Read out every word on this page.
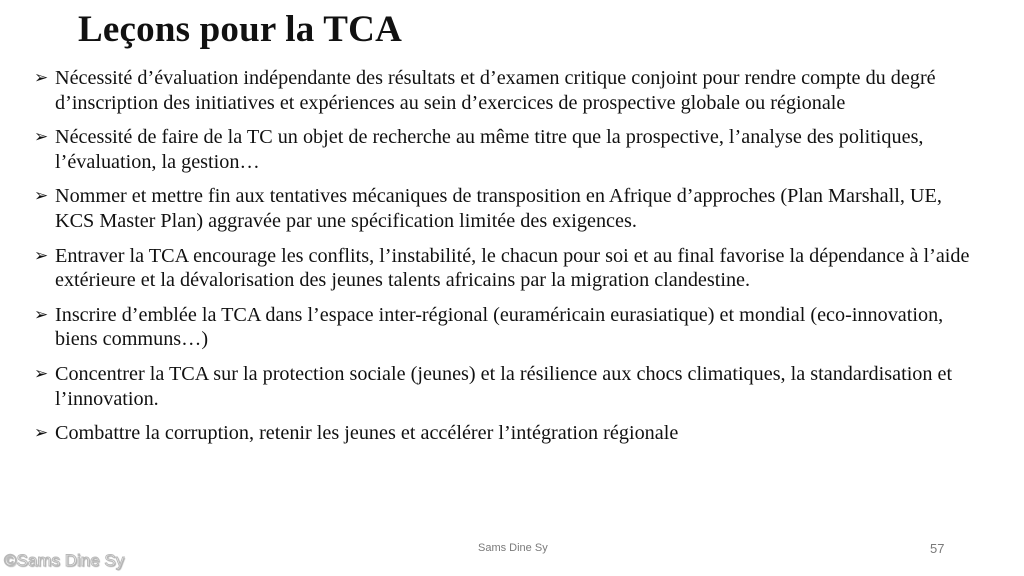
Leçons pour la TCA
➢ Nécessité d’évaluation indépendante des résultats et d’examen critique conjoint pour rendre compte du degré d’inscription des initiatives et expériences au sein d’exercices de prospective globale ou régionale
➢ Nécessité de faire de la TC un objet de recherche au même titre que la prospective, l’analyse des politiques, l’évaluation, la gestion…
➢ Nommer et mettre fin aux tentatives mécaniques de transposition en Afrique d’approches (Plan Marshall, UE, KCS Master Plan) aggravée par une spécification limitée des exigences.
➢ Entraver la TCA encourage les conflits, l’instabilité, le chacun pour soi et au final favorise la dépendance à l’aide extérieure et la dévalorisation des jeunes talents africains par la migration clandestine.
➢ Inscrire d’emblée la TCA dans l’espace inter-régional (euraméricain eurasiatique) et mondial (eco-innovation, biens communs…)
➢ Concentrer la TCA sur la protection sociale (jeunes) et la résilience aux chocs climatiques, la standardisation et l’innovation.
➢ Combattre la corruption, retenir les jeunes et accélérer l’intégration régionale
Sams Dine Sy	57
©Sams Dine Sy
